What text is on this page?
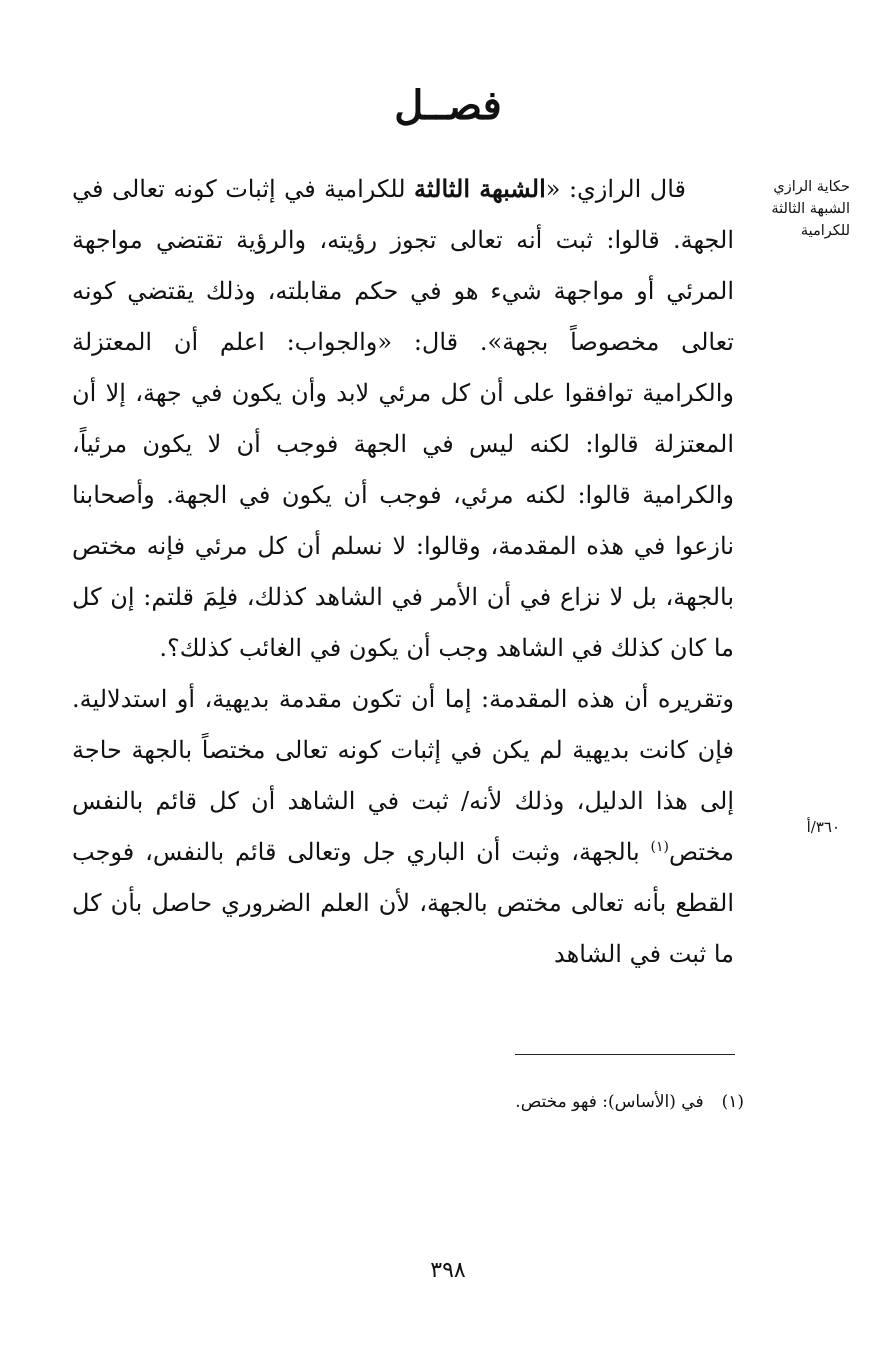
فصــل
حكاية الرازي الشبهة الثالثة للكرامية
٣٦٠/أ

قال الرازي: «الشبهة الثالثة للكرامية في إثبات كونه تعالى في الجهة. قالوا: ثبت أنه تعالى تجوز رؤيته، والرؤية تقتضي مواجهة المرئي أو مواجهة شيء هو في حكم مقابلته، وذلك يقتضي كونه تعالى مخصوصاً بجهة». قال: «والجواب: اعلم أن المعتزلة والكرامية توافقوا على أن كل مرئي لابد وأن يكون في جهة، إلا أن المعتزلة قالوا: لكنه ليس في الجهة فوجب أن لا يكون مرئياً، والكرامية قالوا: لكنه مرئي، فوجب أن يكون في الجهة. وأصحابنا نازعوا في هذه المقدمة، وقالوا: لا نسلم أن كل مرئي فإنه مختص بالجهة، بل لا نزاع في أن الأمر في الشاهد كذلك، فلِمَ قلتم: إن كل ما كان كذلك في الشاهد وجب أن يكون في الغائب كذلك؟.

وتقريره أن هذه المقدمة: إما أن تكون مقدمة بديهية، أو استدلالية. فإن كانت بديهية لم يكن في إثبات كونه تعالى مختصاً بالجهة حاجة إلى هذا الدليل، وذلك لأنه/ ثبت في الشاهد أن كل قائم بالنفس مختص$^{(١)}$ بالجهة، وثبت أن الباري جل وتعالى قائم بالنفس، فوجب القطع بأنه تعالى مختص بالجهة، لأن العلم الضروري حاصل بأن كل ما ثبت في الشاهد

(١)في (الأساس): فهو مختص.
٣٩٨
